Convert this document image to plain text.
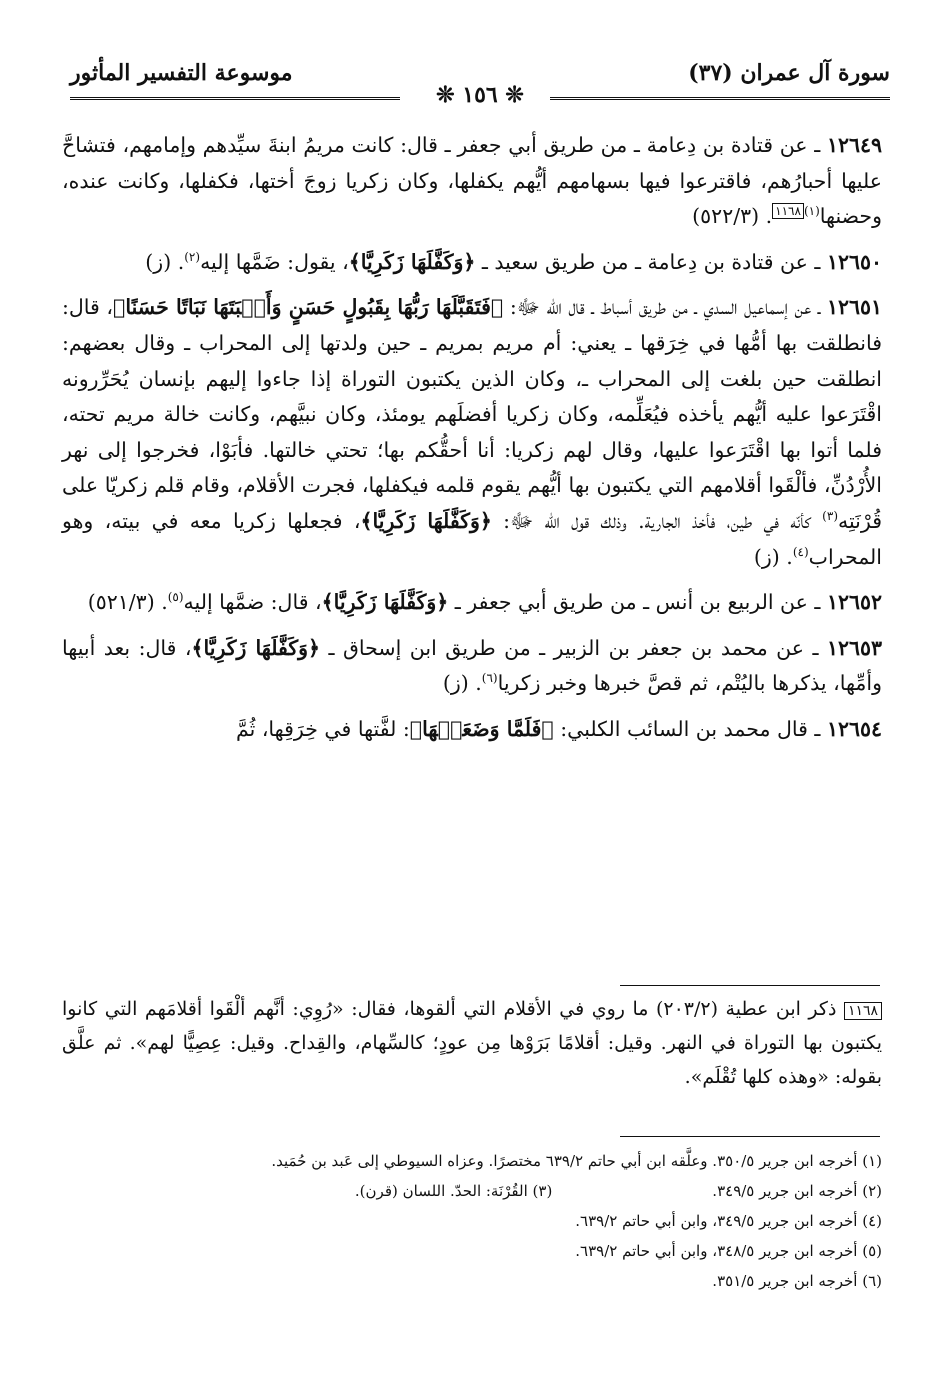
سورة آل عمران (٣٧)
موسوعة التفسير المأثور
❊ ١٥٦ ❊

١٢٦٤٩ ـ عن قتادة بن دِعامة ـ من طريق أبي جعفر ـ قال: كانت مريمُ ابنةَ سيِّدهم وإمامهم، فتشاحَّ عليها أحبارُهم، فاقترعوا فيها بسهامهم أيُّهم يكفلها، وكان زكريا زوجَ أختها، فكفلها، وكانت عنده، وحضنها$^{(١)}$١١٦٨. (٥٢٢/٣)

١٢٦٥٠ ـ عن قتادة بن دِعامة ـ من طريق سعيد ـ ﴿وَكَفَّلَهَا زَكَرِيَّا﴾، يقول: ضَمَّها إليه$^{(٢)}$. (ز)

١٢٦٥١ ـ عن إسماعيل السدي ـ من طريق أسباط ـ قال الله ﷻ: ﴿فَتَقَبَّلَهَا رَبُّهَا بِقَبُولٍ حَسَنٍ وَأَنۢبَتَهَا نَبَاتًا حَسَنًا﴾، قال: فانطلقت بها أمُّها في خِرَقها ـ يعني: أم مريم بمريم ـ حين ولدتها إلى المحراب ـ وقال بعضهم: انطلقت حين بلغت إلى المحراب ـ، وكان الذين يكتبون التوراة إذا جاءوا إليهم بإنسان يُحَرِّرونه اقْتَرَعوا عليه أيُّهم يأخذه فيُعَلِّمه، وكان زكريا أفضلَهم يومئذ، وكان نبيَّهم، وكانت خالة مريم تحته، فلما أتوا بها اقْتَرَعوا عليها، وقال لهم زكريا: أنا أحقُّكم بها؛ تحتي خالتها. فأبَوْا، فخرجوا إلى نهر الأُرْدُنِّ، فألْقَوا أقلامهم التي يكتبون بها أيُّهم يقوم قلمه فيكفلها، فجرت الأقلام، وقام قلم زكريّا على قُرْنَتِه$^{(٣)}$ كأنّه في طين، فأخذ الجارية. وذلك قول الله ﷻ: ﴿وَكَفَّلَهَا زَكَرِيَّا﴾، فجعلها زكريا معه في بيته، وهو المحراب$^{(٤)}$. (ز)

١٢٦٥٢ ـ عن الربيع بن أنس ـ من طريق أبي جعفر ـ ﴿وَكَفَّلَهَا زَكَرِيَّا﴾، قال: ضمَّها إليه$^{(٥)}$. (٥٢١/٣)

١٢٦٥٣ ـ عن محمد بن جعفر بن الزبير ـ من طريق ابن إسحاق ـ ﴿وَكَفَّلَهَا زَكَرِيَّا﴾، قال: بعد أبيها وأمِّها، يذكرها باليُتْم، ثم قصَّ خبرها وخبر زكريا$^{(٦)}$. (ز)

١٢٦٥٤ ـ قال محمد بن السائب الكلبي: ﴿فَلَمَّا وَضَعَتۡهَا﴾: لفَّتها في خِرَقِها، ثُمَّ

١١٦٨ ذكر ابن عطية (٢٠٣/٢) ما روي في الأقلام التي ألقوها، فقال: «رُوِي: أنَّهم ألْقَوا أقلامَهم التي كانوا يكتبون بها التوراة في النهر. وقيل: أقلامًا بَرَوْها مِن عودٍ؛ كالسِّهام، والقِداح. وقيل: عِصِيًّا لهم». ثم علَّق بقوله: «وهذه كلها تُقْلَم».
(١) أخرجه ابن جرير ٣٥٠/٥. وعلَّقه ابن أبي حاتم ٦٣٩/٢ مختصرًا. وعزاه السيوطي إلى عَبد بن حُمَيد.
(٢) أخرجه ابن جرير ٣٤٩/٥.
(٣) القُرْنَة: الحدّ. اللسان (قرن).
(٤) أخرجه ابن جرير ٣٤٩/٥، وابن أبي حاتم ٦٣٩/٢.
(٥) أخرجه ابن جرير ٣٤٨/٥، وابن أبي حاتم ٦٣٩/٢.
(٦) أخرجه ابن جرير ٣٥١/٥.
